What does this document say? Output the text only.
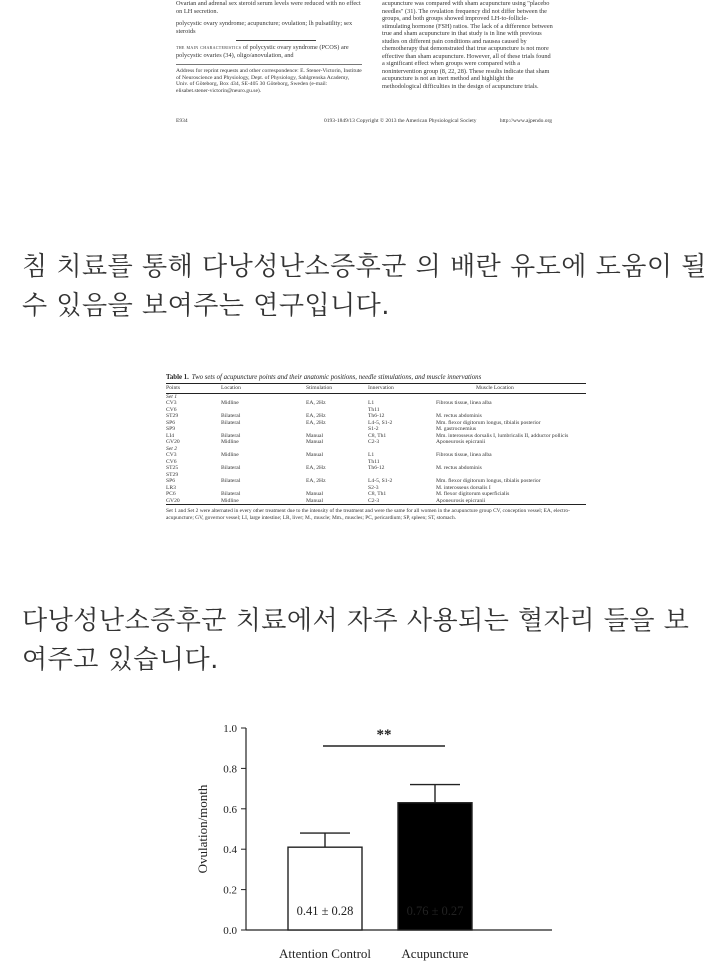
Ovarian and adrenal sex steroid serum levels were reduced with no effect on LH secretion.

polycystic ovary syndrome; acupuncture; ovulation; lh pulsatility; sex steroids

the main characteristics of polycystic ovary syndrome (PCOS) are polycystic ovaries (34), oligo/anovulation, and

Address for reprint requests and other correspondence: E. Stener-Victorin, Institute of Neuroscience and Physiology, Dept. of Physiology, Sahlgrenska Academy, Univ. of Göteborg, Box 434, SE-405 30 Göteborg, Sweden (e-mail: elisabet.stener-victorin@neuro.gu.se).

acupuncture was compared with sham acupuncture using "placebo needles" (31). The ovulation frequency did not differ between the groups, and both groups showed improved LH-to-follicle-stimulating hormone (FSH) ratios. The lack of a difference between true and sham acupuncture in that study is in line with previous studies on different pain conditions and nausea caused by chemotherapy that demonstrated that true acupuncture is not more effective than sham acupuncture. However, all of these trials found a significant effect when groups were compared with a nonintervention group (8, 22, 28). These results indicate that sham acupuncture is not an inert method and highlight the methodological difficulties in the design of acupuncture trials.
E934	0193-1849/13 Copyright © 2013 the American Physiological Society	http://www.ajpendo.org
침 치료를 통해 다낭성난소증후군 의 배란 유도에 도움이 될 수 있음을 보여주는 연구입니다.
Table 1. Two sets of acupuncture points and their anatomic positions, needle stimulations, and muscle innervations
Points	Location	Stimulation	Innervation	Muscle Location
Set 1				
CV3	Midline	EA, 2Hz	L1	Fibrous tissue, linea alba
CV6			Th11	
ST29	Bilateral	EA, 2Hz	Th6-12	M. rectus abdominis
SP6	Bilateral	EA, 2Hz	L4-5, S1-2	Mm. flexor digitorum longus, tibialis posterior
SP9			S1-2	M. gastrocnemius
LI4	Bilateral	Manual	C8, Th1	Mm. interosseus dorsalis I, lumbricalis II, adductor pollicis
GV20	Midline	Manual	C2-3	Aponeurosis epicranii
Set 2				
CV3	Midline	Manual	L1	Fibrous tissue, linea alba
CV6			Th11	
ST25	Bilateral	EA, 2Hz	Th6-12	M. rectus abdominis
ST29				
SP6	Bilateral	EA, 2Hz	L4-5, S1-2	Mm. flexor digitorum longus, tibialis posterior
LR3			S2-3	M. interosseus dorsalis I
PC6	Bilateral	Manual	C8, Th1	M. flexor digitorum superficialis
GV20	Midline	Manual	C2-3	Aponeurosis epicranii
Set 1 and Set 2 were alternated in every other treatment due to the intensity of the treatment and were the same for all women in the acupuncture group CV, conception vessel; EA, electro-acupuncture; GV, governor vessel; LI, large intestine; LR, liver; M., muscle; Mm., muscles; PC, pericardium; SP, spleen; ST, stomach.
다낭성난소증후군 치료에서 자주 사용되는 혈자리 들을 보여주고 있습니다.
0.0
0.2
0.4
0.6
0.8
1.0
Ovulation/month
0.41 ± 0.28
Attention Control
0.76 ± 0.27
Acupuncture
**
